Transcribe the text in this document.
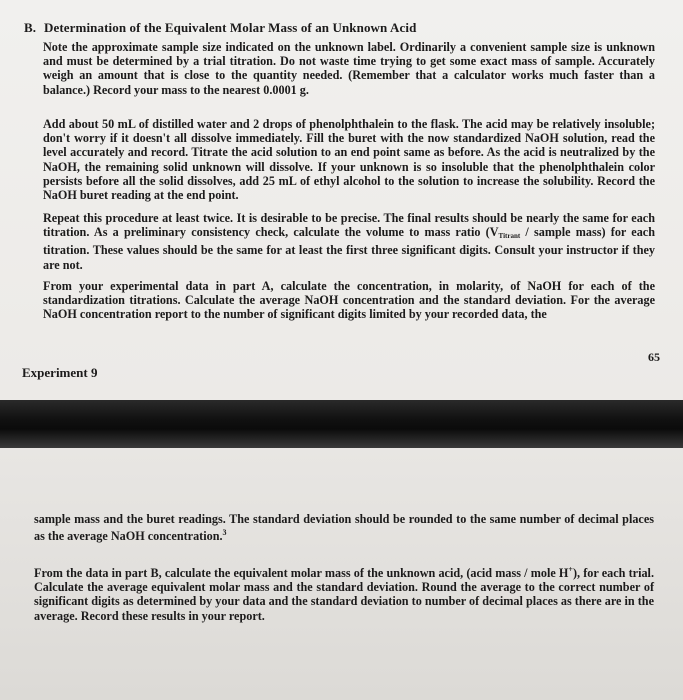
B. Determination of the Equivalent Molar Mass of an Unknown Acid
Note the approximate sample size indicated on the unknown label. Ordinarily a convenient sample size is unknown and must be determined by a trial titration. Do not waste time trying to get some exact mass of sample. Accurately weigh an amount that is close to the quantity needed. (Remember that a calculator works much faster than a balance.) Record your mass to the nearest 0.0001 g.
Add about 50 mL of distilled water and 2 drops of phenolphthalein to the flask. The acid may be relatively insoluble; don't worry if it doesn't all dissolve immediately. Fill the buret with the now standardized NaOH solution, read the level accurately and record. Titrate the acid solution to an end point same as before. As the acid is neutralized by the NaOH, the remaining solid unknown will dissolve. If your unknown is so insoluble that the phenolphthalein color persists before all the solid dissolves, add 25 mL of ethyl alcohol to the solution to increase the solubility. Record the NaOH buret reading at the end point.
Repeat this procedure at least twice. It is desirable to be precise. The final results should be nearly the same for each titration. As a preliminary consistency check, calculate the volume to mass ratio ($V_{Titrant}$ / sample mass) for each titration. These values should be the same for at least the first three significant digits. Consult your instructor if they are not.
From your experimental data in part A, calculate the concentration, in molarity, of NaOH for each of the standardization titrations. Calculate the average NaOH concentration and the standard deviation. For the average NaOH concentration report to the number of significant digits limited by your recorded data, the
65
Experiment 9
sample mass and the buret readings. The standard deviation should be rounded to the same number of decimal places as the average NaOH concentration.$^3$
From the data in part B, calculate the equivalent molar mass of the unknown acid, (acid mass / mole H+), for each trial. Calculate the average equivalent molar mass and the standard deviation. Round the average to the correct number of significant digits as determined by your data and the standard deviation to number of decimal places as there are in the average. Record these results in your report.
